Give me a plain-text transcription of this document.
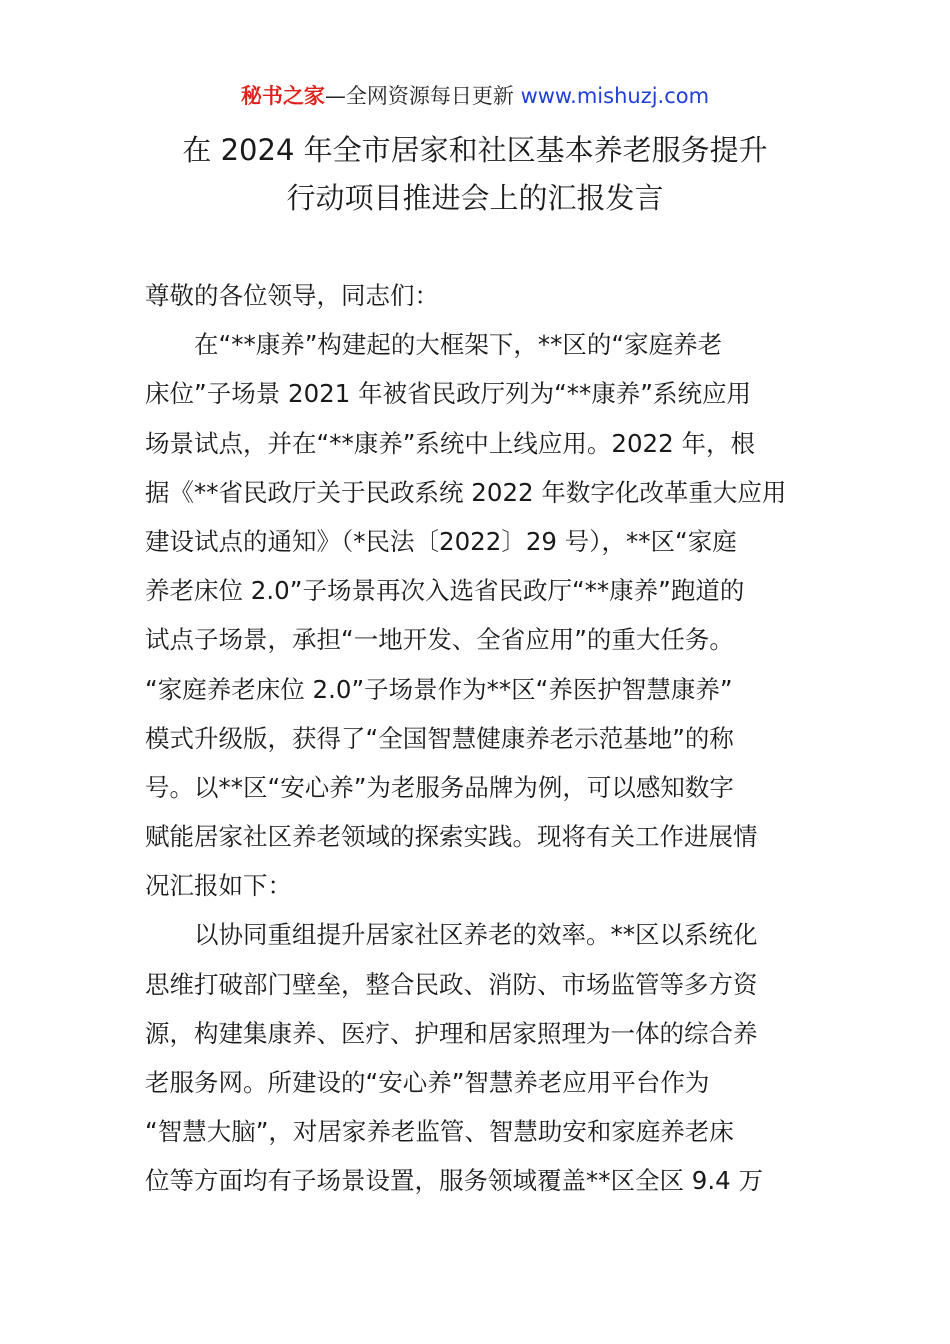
秘书之家—全网资源每日更新 www.mishuzj.com
在 2024 年全市居家和社区基本养老服务提升
行动项目推进会上的汇报发言
尊敬的各位领导，同志们：
　　在“**康养”构建起的大框架下，**区的“家庭养老
床位”子场景 2021 年被省民政厅列为“**康养”系统应用
场景试点，并在“**康养”系统中上线应用。2022 年，根
据《**省民政厅关于民政系统 2022 年数字化改革重大应用
建设试点的通知》（*民法〔2022〕29 号），**区“家庭
养老床位 2.0”子场景再次入选省民政厅“**康养”跑道的
试点子场景，承担“一地开发、全省应用”的重大任务。
“家庭养老床位 2.0”子场景作为**区“养医护智慧康养”
模式升级版，获得了“全国智慧健康养老示范基地”的称
号。以**区“安心养”为老服务品牌为例，可以感知数字
赋能居家社区养老领域的探索实践。现将有关工作进展情
况汇报如下：
　　以协同重组提升居家社区养老的效率。**区以系统化
思维打破部门壁垒，整合民政、消防、市场监管等多方资
源，构建集康养、医疗、护理和居家照理为一体的综合养
老服务网。所建设的“安心养”智慧养老应用平台作为
“智慧大脑”，对居家养老监管、智慧助安和家庭养老床
位等方面均有子场景设置，服务领域覆盖**区全区 9.4 万
